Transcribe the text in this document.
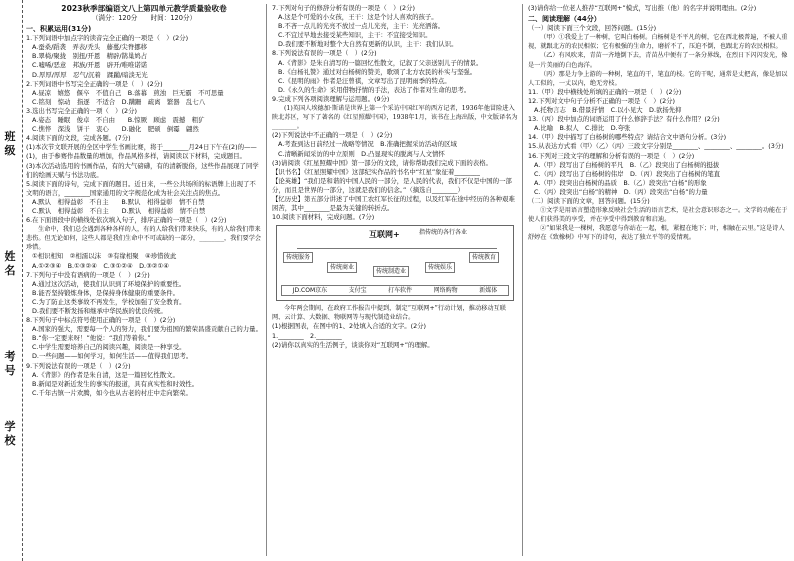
班级
姓名
考号
学校
2023秋季部编语文八上第四单元教学质量验收卷
（满分：120分　　时间：120分）
一、积累运用(31分)
1.下列词语中加点字的读音完全正确的一项是（　）(2分)
A.蚕桑/蹈袭　弄表/秃头　藤蔓/尖脊挪移
B.翠椅/聚拢　别扭/开恩　精辟/鹊巢鸠占
C.嘘唏/恶意　邦族/开恩　辟开/唯唯诺诺
D.厚厚/厚厚　忍气/沉着　蹂躏/暗淡无光
2.下列词语中书写完全正确的一项是（　）(2分)
A.昼凉　嬉悠　偃卒　不值自己　B.落幕　煎浊　巨无霸　不可思量
C.铭刻　惊动　指逐　不适合　D.蹒跚　疏离　繁器　乱七八
3.选出书写完全正确的一项（　）(2分)
A.姿态　睡眠　俊卓　不自由　　B.惊厥　顾虑　震撼　粗犷
C.憔悴　深浅　饼干　衷心　　D.融化　肥硕　倒霉　翩然
4.阅读下面的文段，完成各题。(7分)
(1)本次节文联开展的全区中学生书画比赛，将于________月24日下午在(2)的——(1)，由于参赛作品数量的增加，作品风格多样，请阅读以下材料，完成题目。
(3)本次活动选用的书画作品，有的大气磅礴，有的清新脱俗，这些作品展现了同学们的绘画天赋与书法功底。
5.阅读下面的诗句，完成下面的题目。近日来，一些公共场所的标语牌上出现了不文明的语言，________国家通用的文字规范化成为社会关注点的焦点。
A.默认　相得益彰　不自主　　B.默认　相得益彰　情不自禁
C.默认　相得益彰　不自主　　D.默认　相得益彰　情不自禁
6.在下面语段中的横线处依次填入句子，排序正确的一项是（　）(2分)
生命中，我们总会遇到各种各样的人，有的人给我们带来快乐，有的人给我们带来悲伤。但无论如何，这些人都是我们生命中不可或缺的一部分，________，我们要学会珍惜。
①相识相知　②相濡以沫　③有缘相聚　④珍惜彼此
A.①②③④　B.①③②④　C.③①②④　D.③②①④
7.下列句子中没有语病的一项是（　）(2分)
A.通过这次活动，使我们认识到了环境保护的重要性。
B.能否坚持锻炼身体，是保持身体健康的重要条件。
C.为了防止这类事故不再发生，学校加强了安全教育。
D.我们要不断发扬和继承中华民族的优良传统。
8.下列句子中标点符号使用正确的一项是（　）(2分)
A.国家的强大，需要每一个人的努力，我们要为祖国的繁荣昌盛贡献自己的力量。
B.“你一定要来呀！”他说：“我们等着你。”
C.中学生需要培养自己的阅读兴趣，阅读是一种享受。
D.一些问题——如何学习，如何生活——值得我们思考。
9.下列说法有误的一项是（　）(2分)
A.《背影》的作者是朱自清，这是一篇回忆性散文。
B.新闻是对新近发生的事实的报道，具有真实性和时效性。
C.千年古镇一片欢腾，如今也从古老的村庄中走向繁荣。
7.下列对句子的修辞分析有误的一项是（　）(2分)
A.这是个可爱的小女孩，王干：这是个讨人喜欢的孩子。
B.不吝一点儿的光亮不放过一点儿光亮，主干：光亮洒落。
C.不宜过早地去接受某些知识，主干：不宜接受知识。
D.我们要不断地对整个大自然有更新的认识，主干：我们认识。
8.下列说法有误的一项是（　）(2分)
A.《背影》是朱自清写的一篇回忆性散文，记叙了父亲送别儿子的情景。
B.《白杨礼赞》通过对白杨树的赞美，歌颂了北方农民的朴实与坚强。
C.《昆明的雨》作者是汪曾祺，文章写出了昆明雨季的特点。
D.《永久的生命》采用借物抒情的手法，表达了作者对生命的思考。
9.完成下列各项阅读理解与运用题。(9分)
(1)英国人埃德加·斯诺是世界上第一个采访中国红军的西方记者，1936年他冒险进入陕北苏区，写下了著名的《红星照耀中国》，1938年1月，该书在上海出版，中文版译名为________。
(2)下列说法中不正确的一项是（　）(2分)
A.考查到达日前经过一战略等情况　B.准确把握采访活动的区域
C.清晰新闻采访的中立原则　D.凸显现实的脱离与人文情怀
(3)请阅读《红星照耀中国》第一部分的文段，请你帮助我们完成下面的表格。
【识书名】《红星照耀中国》这部纪实作品的书名中“红星”象征着________
【论英雄】“我们是和谐的中国人民的一部分，是人民的代表，我们不仅是中国的一部分，而且是世界的一部分，这就是我们的信念。”（摘选自________）
【忆历史】第五部分讲述了中国工农红军长征的过程，以及红军在途中经历的各种艰难困苦，其中________是最为关键的转折点。
10.阅读下面材料，完成问题。(7分)
互联网+	指传统的各行各业
传统服务
传统商业
传统制造业
传统娱乐
传统教育
JD.COM京东	支付宝	打车软件	网络购物	新媒体
今年两会期间，在政府工作报告中提到，制定“互联网+”行动计划，推动移动互联网、云计算、大数据、物联网等与现代制造业结合。
(1)根据图表，在图中的1、2处填入合适的文字。(2分)
1.________　2.________
(2)请你以真实的生活例子，谈谈你对“互联网+”的理解。
(3)请你给一位老人推荐“互联网+”模式，写出推（他）的名字并说明理由。(2分)
二、阅读理解（44分）
（一）阅读下面三个文段，回答问题。(15分)
（甲）①我爱上了一种树，它叫白杨树。白杨树是不平凡的树，它在西北极普遍，不被人重视，就跟北方的农民相似；它有极强的生命力，磨折不了，压迫不倒，也跟北方的农民相似。
（乙）有风吹来，青苗一齐地倒下去，青苗丛中便有了一条分界线，在烈日下闪闪发光，像是一片美丽的白色海洋。
（丙）那是力争上游的一种树，笔直的干，笔直的枝。它的干呢，通常是丈把高，像是加以人工似的，一丈以内，绝无旁枝。
11.（甲）段中横线处所填的正确的一项是（　）(2分)
12.下列对文中句子分析不正确的一项是（　）(2分)
A.托物言志　B.借景抒情　C.以小见大　D.欲扬先抑
13.（丙）段中加点的词语运用了什么修辞手法？有什么作用？(2分)
A.比喻　B.拟人　C.排比　D.夸张
14.（甲）段中描写了白杨树的哪些特点？请结合文中语句分析。(3分)
15.从表达方式看（甲）（乙）（丙）三段文字分别是________、________、________。(3分)
16.下列对三段文字的理解和分析有误的一项是（　）(2分)
A.（甲）段写出了白杨树的平凡　B.（乙）段突出了白杨树的挺拔
C.（丙）段写出了白杨树的伟岸　D.（丙）段突出了白杨树的笔直
A.（甲）段突出白杨树的品质　B.（乙）段突出“白杨”的形象
C.（丙）段突出“白杨”的精神　D.（丙）段突出“白杨”的力量
（二）阅读下面的文章，回答问题。(15分)
①文学是用语言塑造形象反映社会生活的语言艺术，是社会意识形态之一。文学的功能在于使人们获得美的享受，并在享受中得到教育和启迪。
②“如果我是一棵树，我愿意与你站在一起，根，紧握在地下；叶，相触在云里。”这是诗人舒婷在《致橡树》中写下的诗句，表达了独立平等的爱情观。
